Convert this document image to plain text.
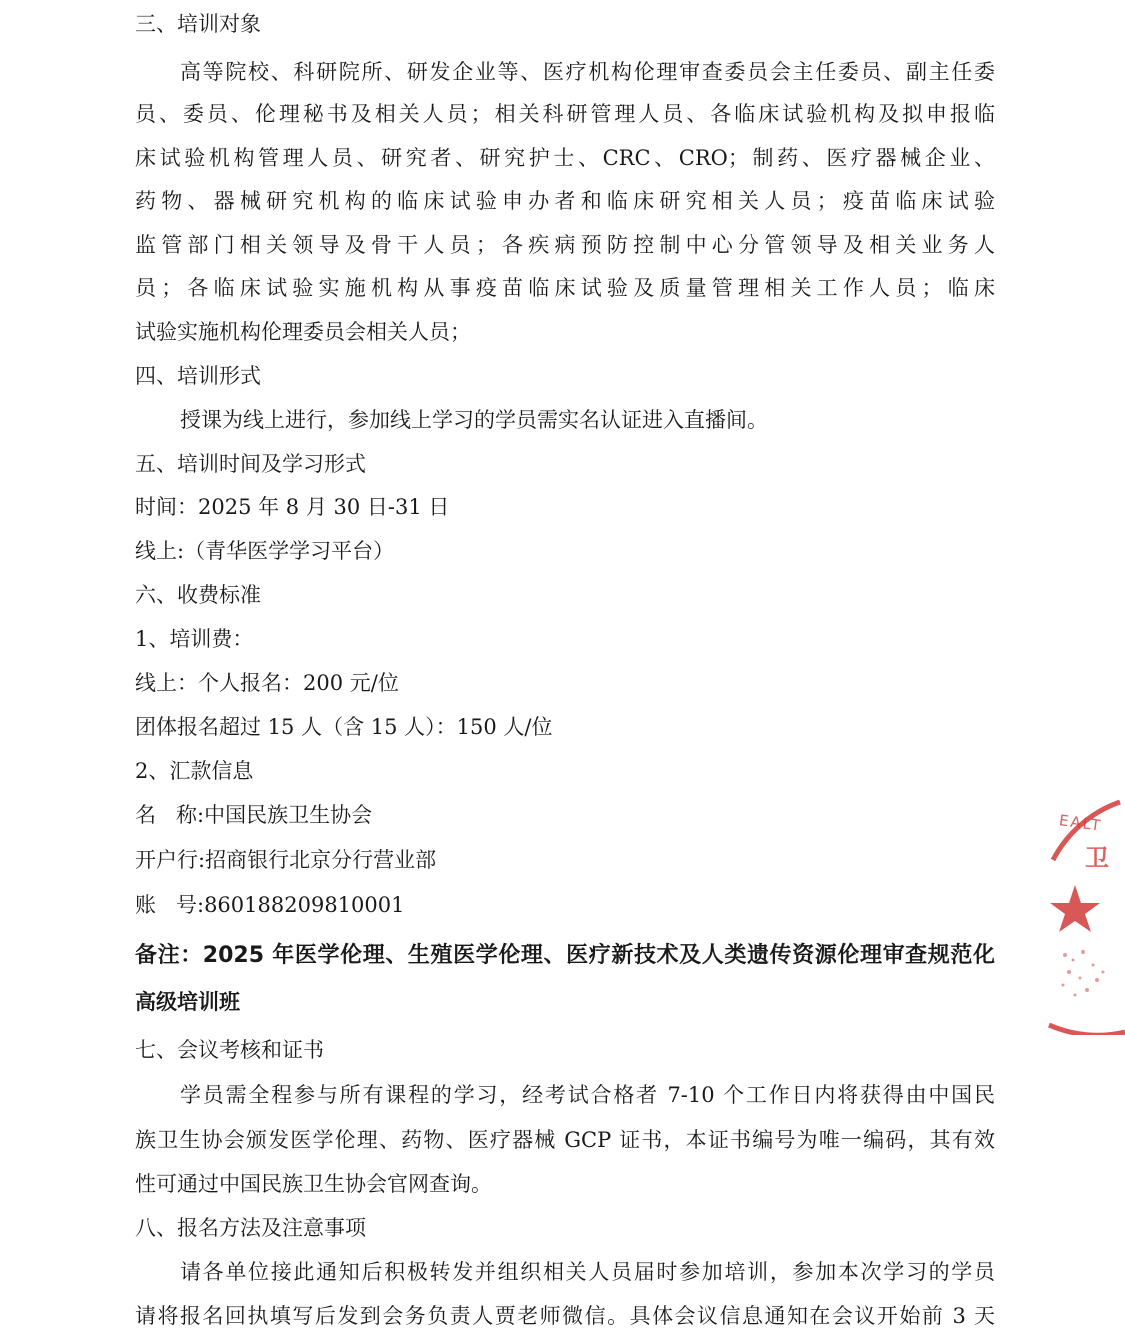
三、培训对象
高等院校、科研院所、研发企业等、医疗机构伦理审查委员会主任委员、副主任委
员、委员、伦理秘书及相关人员；相关科研管理人员、各临床试验机构及拟申报临
床试验机构管理人员、研究者、研究护士、CRC、CRO；制药、医疗器械企业、
药物、器械研究机构的临床试验申办者和临床研究相关人员；疫苗临床试验
监管部门相关领导及骨干人员；各疾病预防控制中心分管领导及相关业务人
员；各临床试验实施机构从事疫苗临床试验及质量管理相关工作人员；临床
试验实施机构伦理委员会相关人员；
四、培训形式
授课为线上进行，参加线上学习的学员需实名认证进入直播间。
五、培训时间及学习形式
时间：2025 年 8 月 30 日-31 日
线上:（青华医学学习平台）
六、收费标准
1、培训费：
线上：个人报名：200 元/位
团体报名超过 15 人（含 15 人）：150 人/位
2、汇款信息
名称:中国民族卫生协会
开户行:招商银行北京分行营业部
账号:860188209810001
备注：2025 年医学伦理、生殖医学伦理、医疗新技术及人类遗传资源伦理审查规范化
高级培训班
七、会议考核和证书
学员需全程参与所有课程的学习，经考试合格者 7-10 个工作日内将获得由中国民
族卫生协会颁发医学伦理、药物、医疗器械 GCP 证书，本证书编号为唯一编码，其有效
性可通过中国民族卫生协会官网查询。
八、报名方法及注意事项
请各单位接此通知后积极转发并组织相关人员届时参加培训，参加本次学习的学员
请将报名回执填写后发到会务负责人贾老师微信。具体会议信息通知在会议开始前 3 天
EALT
卫
